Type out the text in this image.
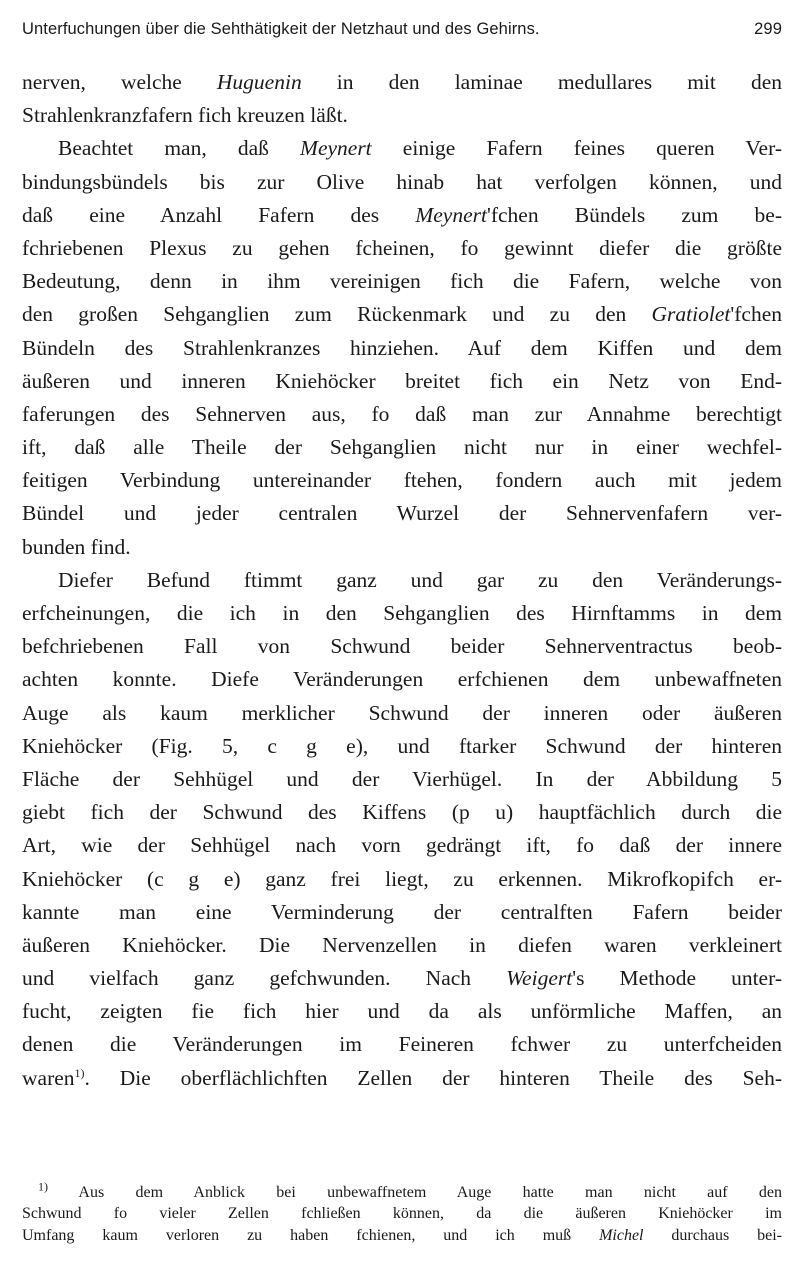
Unterfuchungen über die Sehthätigkeit der Netzhaut und des Gehirns.	299
nerven, welche Huguenin in den laminae medullares mit den
Strahlenkranzfafern fich kreuzen läßt.
Beachtet man, daß Meynert einige Fafern feines queren Ver-
bindungsbündels bis zur Olive hinab hat verfolgen können, und
daß eine Anzahl Fafern des Meynert'fchen Bündels zum be-
fchriebenen Plexus zu gehen fcheinen, fo gewinnt diefer die größte
Bedeutung, denn in ihm vereinigen fich die Fafern, welche von
den großen Sehganglien zum Rückenmark und zu den Gratiolet'fchen
Bündeln des Strahlenkranzes hinziehen. Auf dem Kiffen und dem
äußeren und inneren Kniehöcker breitet fich ein Netz von End-
faferungen des Sehnerven aus, fo daß man zur Annahme berechtigt
ift, daß alle Theile der Sehganglien nicht nur in einer wechfel-
feitigen Verbindung untereinander ftehen, fondern auch mit jedem
Bündel und jeder centralen Wurzel der Sehnervenfafern ver-
bunden find.
Diefer Befund ftimmt ganz und gar zu den Veränderungs-
erfcheinungen, die ich in den Sehganglien des Hirnftamms in dem
befchriebenen Fall von Schwund beider Sehnerventractus beob-
achten konnte. Diefe Veränderungen erfchienen dem unbewaffneten
Auge als kaum merklicher Schwund der inneren oder äußeren
Kniehöcker (Fig. 5, c g e), und ftarker Schwund der hinteren
Fläche der Sehhügel und der Vierhügel. In der Abbildung 5
giebt fich der Schwund des Kiffens (p u) hauptfächlich durch die
Art, wie der Sehhügel nach vorn gedrängt ift, fo daß der innere
Kniehöcker (c g e) ganz frei liegt, zu erkennen. Mikrofkopifch er-
kannte man eine Verminderung der centralften Fafern beider
äußeren Kniehöcker. Die Nervenzellen in diefen waren verkleinert
und vielfach ganz gefchwunden. Nach Weigert's Methode unter-
fucht, zeigten fie fich hier und da als unförmliche Maffen, an
denen die Veränderungen im Feineren fchwer zu unterfcheiden
waren$^{1)}$. Die oberflächlichften Zellen der hinteren Theile des Seh-
$^{1)}$ Aus dem Anblick bei unbewaffnetem Auge hatte man nicht auf den
Schwund fo vieler Zellen fchließen können, da die äußeren Kniehöcker im
Umfang kaum verloren zu haben fchienen, und ich muß Michel durchaus bei-
